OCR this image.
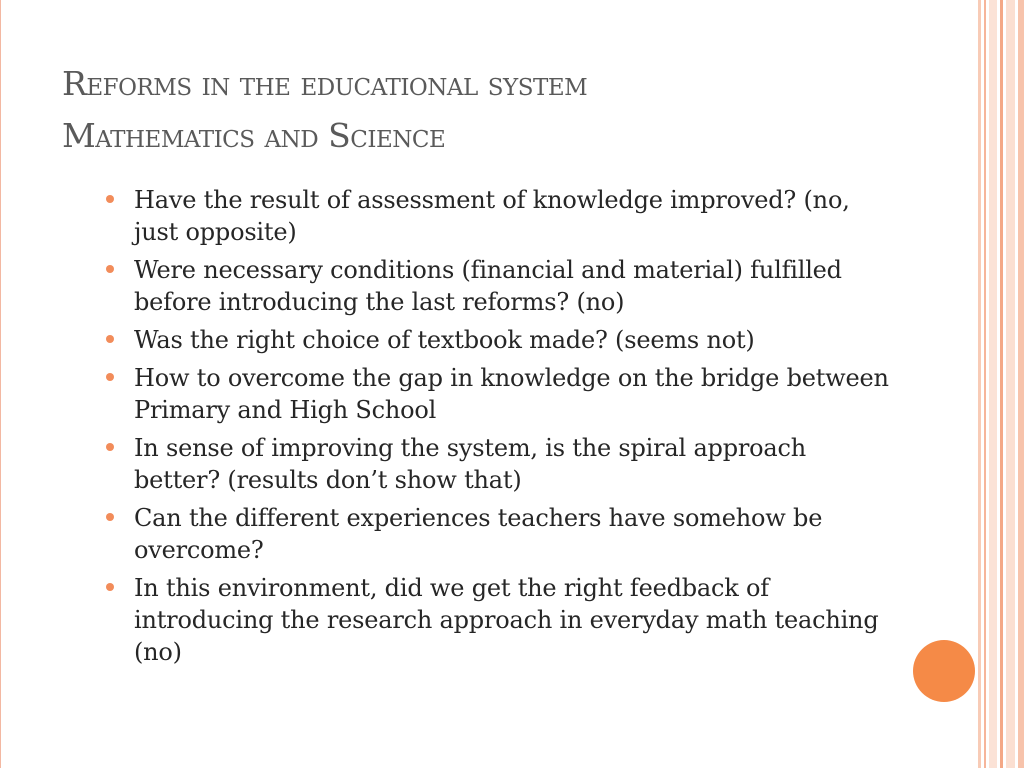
Reforms in the educational system
Mathematics and Science
Have the result of assessment of knowledge improved? (no, just opposite)
Were necessary conditions (financial and material) fulfilled before introducing the last reforms? (no)
Was the right choice of textbook made? (seems not)
How to overcome the gap in knowledge on the bridge between Primary and High School
In sense of improving the system, is the spiral approach better? (results don’t show that)
Can the different experiences teachers have somehow be overcome?
In this environment, did we get the right feedback of introducing the research approach in everyday math teaching (no)
